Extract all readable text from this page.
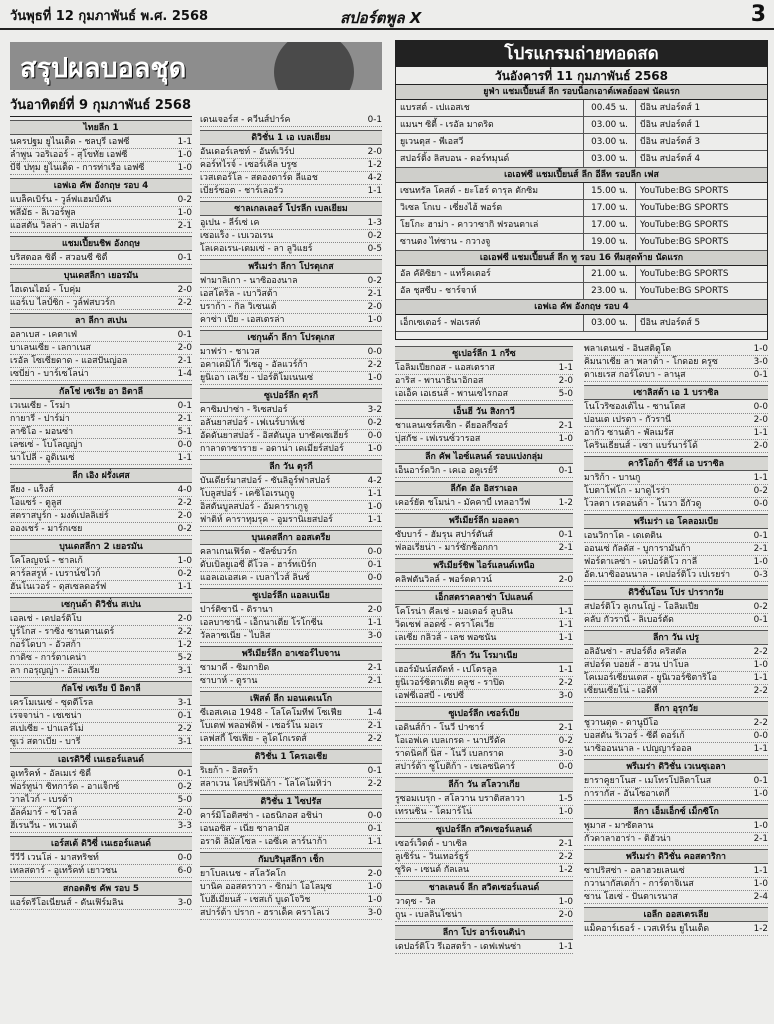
วันพุธที่ 12 กุมภาพันธ์ พ.ศ. 2568	สปอร์ตพูล X	3
สรุปผลบอลชุด
วันอาทิตย์ที่ 9 กุมภาพันธ์ 2568
ไทยลีก 1
นครปฐม ยูไนเต็ด - ชลบุรี เอฟซี	1-1
ลำพูน วอริเออร์ - สุโขทัย เอฟซี	1-0
บีจี ปทุม ยูไนเต็ด - การท่าเรือ เอฟซี	1-0
เอฟเอ คัพ อังกฤษ รอบ 4
แบล็คเบิร์น - วูล์ฟแฮมป์ตัน	0-2
พลีมัธ - ลิเวอร์พูล	1-0
แอสตัน วิลล่า - สเปอร์ส	2-1
แชมเปี้ยนชิพ อังกฤษ
บริสตอล ซิตี้ - สวอนซี ซิตี้	0-1
บุนเดสลีกา เยอรมัน
ไฮเดนไฮม์ - โบคุ่ม	2-0
แอร์เบ ไลป์ซิก - วูล์ฟสบวร์ก	2-2
ลา ลีกา สเปน
อลาเบส - เคตาเฟ่	0-1
บาเลนเซีย - เลกาเนส	2-0
เรอัล โซเซียดาด - แอสปันญ่อล	2-1
เซบีย่า - บาร์เซโลน่า	1-4
กัลโช่ เซเรีย อา อิตาลี
เวเนเซีย - โรม่า	0-1
กายารี่ - ปาร์ม่า	2-1
ลาซิโอ - มอนซ่า	5-1
เลซเซ่ - โบโลญญ่า	0-0
นาโปลี - อูดิเนเซ่	1-1
ลีก เอิง ฝรั่งเศส
ลียง - แร็งส์	4-0
โอแซร์ - ตูลูส	2-2
สตราสบูร์ก - มงต์เปลลิเย่ร์	2-0
อองเชร์ - มาร์กเซย	0-2
บุนเดสลีกา 2 เยอรมัน
โคโลญจน์ - ชาลเก้	1-0
คาร์ลสรูห์ - เบราน์ชไวก์	0-2
ฮันโนเวอร์ - ดุสเซลดอร์ฟ	1-1
เซกุนด้า ดิวิชั่น สเปน
เอลเช่ - เดปอร์ติโบ	2-0
บูร์โกส - ราซิ่ง ซานตานเดร์	2-2
กอร์โดบา - อัวสก้า	1-2
กาดิซ - การ์ตาเคน่า	5-2
ลา กอรุญญ่า - อัลเมเรีย	3-1
กัลโช่ เซเรีย บี อิตาลี
เครโมเนเซ่ - ซุดตีโรล	3-1
เรจจาน่า - เชเซน่า	0-1
สเปเซีย - ปาแลร์โม่	2-2
ซูเว่ สตาเบีย - บารี่	3-1
เอเรดิวิซี่ เนเธอร์แลนด์
อูเทร็คท์ - อัลเมเร่ ซิตี้	0-1
ฟอร์ทูน่า ซิทการ์ด - อาแจ็กซ์	0-2
วาลไวก์ - เบรด้า	5-0
อัลค์มาร์ - ซโวลล์	2-0
ฮีเรนวีน - ทเวนเต้	3-3
เอร์สเต้ ดิวิซี่ เนเธอร์แลนด์
วีวีวี เวนโล่ - มาสทริชท์	0-0
เทลสตาร์ - อูเทร็คท์ เยาวชน	6-0
สกอตติช คัพ รอบ 5
แอร์ดรีโอเนี่ยนส์ - ดันเฟิร์มลิน	3-0
เดนเจอร์ส - ควีนส์ปาร์ค	0-1
ดิวิชั่น 1 เอ เบลเยียม
อันเดอร์เลชท์ - อันท์เวิร์ป	2-0
คอร์ทไรจ์ - เซอร์เคิ่ล บรูซ	1-2
เวสเตอร์โล - สตองดาร์ด ลีแอช	4-2
เบียร์ชอต - ชาร์เลอรัว	1-1
ซาลเกลเลอร์ โปรลีก เบลเยียม
อูเปน - ลีร์เซ่ เค	1-3
เซอแร็ง - เบเวอเรน	0-2
โลเคอเรน-เตมเซ่ - ลา ลูวิแยร์	0-5
พรีเมร่า ลีกา โปรตุเกส
ฟามาลิเกา - นาซิอองนาล	0-2
เอสโตริล - เบาวิสต้า	2-1
บราก้า - กิล วิเซนเต้	2-0
คาซ่า เปีย - เอสเตรล่า	1-0
เซกุนด้า ลีกา โปรตุเกส
มาฟร่า - ชาเวส	0-0
อคาเดมิโก้ วีเซอู - อัลแวร์ก้า	2-2
ยูนิเอา เลเรีย - ปอร์ติโมเนนเซ่	1-0
ซูเปอร์ลีก ตุรกี
คาซิมปาซ่า - ริเซสปอร์	3-2
อลันยาสปอร์ - เฟเนร์บาห์เช่	0-2
อัดดันยาสปอร์ - อิสตันบูล บาซัคเซเฮียร์	0-0
กาลาตาซาราย - อดาน่า เดเมียร์สปอร์	1-0
ลีก วัน ตุรกี
บันเดียร์มาสปอร์ - ซันลิอูร์ฟาสปอร์	4-2
โบลูสปอร์ - เคซิโอเรนกูจู	1-1
อิสตันบูลสปอร์ - อัมคาราเกูจู	1-0
ฟาติห์ คาราทุมรุค - อูมรานิเยสปอร์	1-1
บุนเดสลีกา ออสเตรีย
คลาเกนเฟิร์ต - ซัลซ์บวร์ก	0-0
ดับเบิลยูเอซี ดีโวล - ฮาร์ทเบิร์ก	0-1
แอลเอเอสเค - เบลาไวส์ ลินซ์	0-0
ซูเปอร์ลีก แอลเบเนีย
ปาร์ติซานี - ดิรานา	2-0
เอลบาซานี - เอ็กนาเตีย โรโกซีน	1-1
วัลลาซเนีย - ไบลิส	3-0
พรีเมียร์ลีก อาเซอร์ไบจาน
ซามาคี - ซิมกายิด	2-1
ซาบาห์ - ตูราน	2-1
เฟิสต์ ลีก มอนเตเนโก
ซีเอสเคเอ 1948 - โลโคโมทีฟ โซเฟีย	1-4
โบเตฟ พลอฟดิฟ - เชอร์โน มอเร	2-1
เลฟสกี้ โซเฟีย - ลูโดโกเรตส์	2-2
ดิวิชั่น 1 โครเอเชีย
ริเยก้า - อิสตร้า	0-1
สลาเวน โคปริฟนิก้า - โลโคโมทิว่า	2-2
ดิวิชั่น 1 ไซปรัส
คาร์มิโอติสซ่า - เอธนิกอส อชิน่า	0-0
เอนอซิส - เนีย ซาลามิส	0-1
อราดิ ลิมัสโซล - เอซีเค ลาร์นาก้า	1-1
กัมบรินุสลีกา เช็ก
ยาโบลเนช - สโลวัคโก	2-0
บานิค ออสตราวา - ซิกม่า โอโลมุซ	1-0
โบฮีเมียนส์ - เชสเก้ บูเดโจวิช	1-0
สปาร์ต้า ปราก - ฮราเด็ค คราโลเว่	3-0
โปรแกรมถ่ายทอดสด
วันอังคารที่ 11 กุมภาพันธ์ 2568
ยูฟ่า แชมเปี้ยนส์ ลีก รอบน็อกเอาต์เพลย์ออฟ นัดแรก
แบรสต์ - เปแอสเช	00.45 น.	บีอิน สปอร์ตส์ 1
แมนฯ ซิตี้ - เรอัล มาดริด	03.00 น.	บีอิน สปอร์ตส์ 1
ยูเวนตุส - พีเอสวี	03.00 น.	บีอิน สปอร์ตส์ 3
สปอร์ติ้ง ลิสบอน - ดอร์ทมุนด์	03.00 น.	บีอิน สปอร์ตส์ 4
เอเอฟซี แชมเปี้ยนส์ ลีก อีลีท รอบลีก เฟส
เซนทรัล โคสต์ - ยะโฮร์ ดารุล ตักซิม	15.00 น.	YouTube:BG SPORTS
วิเซล โกเบ - เซี่ยงไฮ้ พอร์ต	17.00 น.	YouTube:BG SPORTS
โยโกะ ฮาม่า - คาวาซากิ ฟรอนตาเล่	17.00 น.	YouTube:BG SPORTS
ซานตง ไท่ซาน - กวางจู	19.00 น.	YouTube:BG SPORTS
เอเอฟซี แชมเปี้ยนส์ ลีก ทู รอบ 16 ทีมสุดท้าย นัดแรก
อัล คัดิซิยา - แทร็คเตอร์	21.00 น.	YouTube:BG SPORTS
อัล ชุสซีบ - ชาร์จาห์	23.00 น.	YouTube:BG SPORTS
เอฟเอ คัพ อังกฤษ รอบ 4
เอ็กเซเตอร์ - ฟอเรสต์	03.00 น.	บีอิน สปอร์ตส์ 5
ซูเปอร์ลีก 1 กรีซ
โอลิมเปียกอส - แอสเตราส	1-1
อาริส - พานาธินาอิกอส	2-0
เอเอ็ค เอเธนส์ - พานเซไรกอส	5-0
เอ็นฮี วัน สิงกาวี
ชาแลนเซร์สเซ็ก - ดียอลกี้ซอร์	2-1
ปุสกัช - เฟเรนซ์วารอส	1-0
ลีก คัพ ไอซ์แลนด์ รอบแบ่งกลุ่ม
เอ็นอาร์ดวิก - เคเอ อคูเรย์รี	0-1
ลีกัต อัล อิสราเอล
เคอร์ยัต ชโมน่า - มัคคาบี้ เทลอาวีฟ	1-2
พรีเมียร์ลีก มอลตา
ซับบาร์ - ฮัมรุน สปาร์ตันส์	0-1
ฟลอเรียน่า - มาร์ซักซ็อกกา	2-1
พรีเมียร์ชิพ ไอร์แลนด์เหนือ
คลิฟตันวิลล์ - พอร์ตดาวน์	2-0
เอ็กสตราคลาซ่า โปแลนด์
โคโรน่า คีลเช่ - มอเตอร์ ลูบลิน	1-1
วิดเซฟ ลอดซ์ - คราโคเวีย	1-1
เลเซีย กลิวส์ - เลช พอซนัน	1-1
ลีก้า วัน โรมาเนีย
เฮอร์มันน์สตัดท์ - เปโตรลูล	1-1
ยูนิเวอร์ซิตาเตีย คลูช - ราปิด	2-2
เอฟซีเอสบี - เซปซี่	3-0
ซูเปอร์ลีก เซอร์เบีย
เอดินส์ก้า - โนวี่ ปาซาร์	2-1
โอเอฟเค เบลเกรด - นาปรีดัค	0-2
ราดนิคกี้ นิส - โนวี่ เบลกราด	3-0
สปาร์ต้า ซูโบติก้า - เชเลซนิคาร์	0-0
ลีก้า วัน สโลวาเกีย
รูซอมเบรุก - สโลวาน บราติสลาวา	1-5
เทรนซิน - โคมาร์โน่	1-0
ซูเปอร์ลีก สวิตเซอร์แลนด์
เซอร์เว็ตต์ - บาเซิ่ล	2-1
ลูเซิร์น - วินเทอร์ธูร์	2-2
ซูริค - เซนต์ กัลเลน	1-2
ชาลเลนจ์ ลีก สวิตเซอร์แลนด์
วาดุซ - วิล	1-0
ถูน - เบลลินโซน่า	2-0
ลีกา โปร อาร์เจนติน่า
เดปอร์ติโว รีเอสตร้า - เดฟเฟนซ่า	1-1
พลาเตนเซ่ - อินสติตูโต	1-0
คิมนาเซีย ลา พลาต้า - โกดอย ครูซ	3-0
ตาเยเรส กอร์โดบา - ลานุส	0-1
เซาลิสต้า เอ 1 บราซิล
โนโวริซองเต้ไน - ซานโตส	0-0
ปอนเต เปรตา - กัวรานี่	2-0
อากัว ซานต้า - พัลเมรัส	1-1
โครินเธียนส์ - เซา แบร์นาร์โด้	2-0
คาริโอก้า ซีรีส์ เอ บราซิล
มาริก้า - บานกู	1-1
โบตาโฟโก - มาดูไรร่า	0-2
โวลตา เรดอนด้า - โนวา อีกัวดู	0-0
พรีเมร่า เอ โคลอมเบีย
เอนวิกาโด - เดเตติน	0-1
ออนเซ่ กัลดัส - บูการามันก้า	2-1
ฟอร์ตาเลซ่า - เดปอร์ติโว กาลี	1-0
อัต.นาซิออนนาล - เดปอร์ติโว เปเรยร่า	0-3
ดิวิชั่นโอน โปร ปารากวัย
สปอร์ติโว ลูเกนโญ่ - โอลิมเปีย	0-2
คลับ กัวรานี่ - ลิเบอร์ตัด	0-1
ลีกา วัน เปรู
อลิอันซ่า - สปอร์ติ้ง คริสตัล	2-2
สปอร์ต บอยส์ - ฮวน ปาโบล	1-0
โคเมอร์เซียนเตส - ยูนิเวอร์ซิตาริโอ	1-1
เซียนเซียโน่ - เอดีที	2-2
ลีกา อุรุกวัย
ชูวานตุด - ดานูบีโอ	2-2
บอสตัน ริเวอร์ - ซีดี ดอร์เก้	0-0
นาซิออนนาล - เปญญาร์ออล	1-1
พรีเมร่า ดิวิชั่น เวเนซุเอลา
ยาราคูยาโนส - เมโทรโปลิตาโนส	0-1
การากัส - อันโซอาเตกี้	1-0
ลีกา เอ็มเอ็กซ์ เม็กซิโก
พูมาส - มาซัตลาน	1-0
กัวดาลาฮาร่า - ติฮัวน่า	2-1
พรีเมร่า ดิวิชั่น คอสตาริกา
ซาปริสซ่า - อลาฮวยเลนเซ่	1-1
กวานากัสเตก้า - การ์ตาจิเนส	1-0
ซาน โฮเซ่ - ปันตาเรนาส	2-4
เอลีก ออสเตรเลีย
แม็คอาร์เธอร์ - เวสเทิร์น ยูไนเต็ด	1-2
